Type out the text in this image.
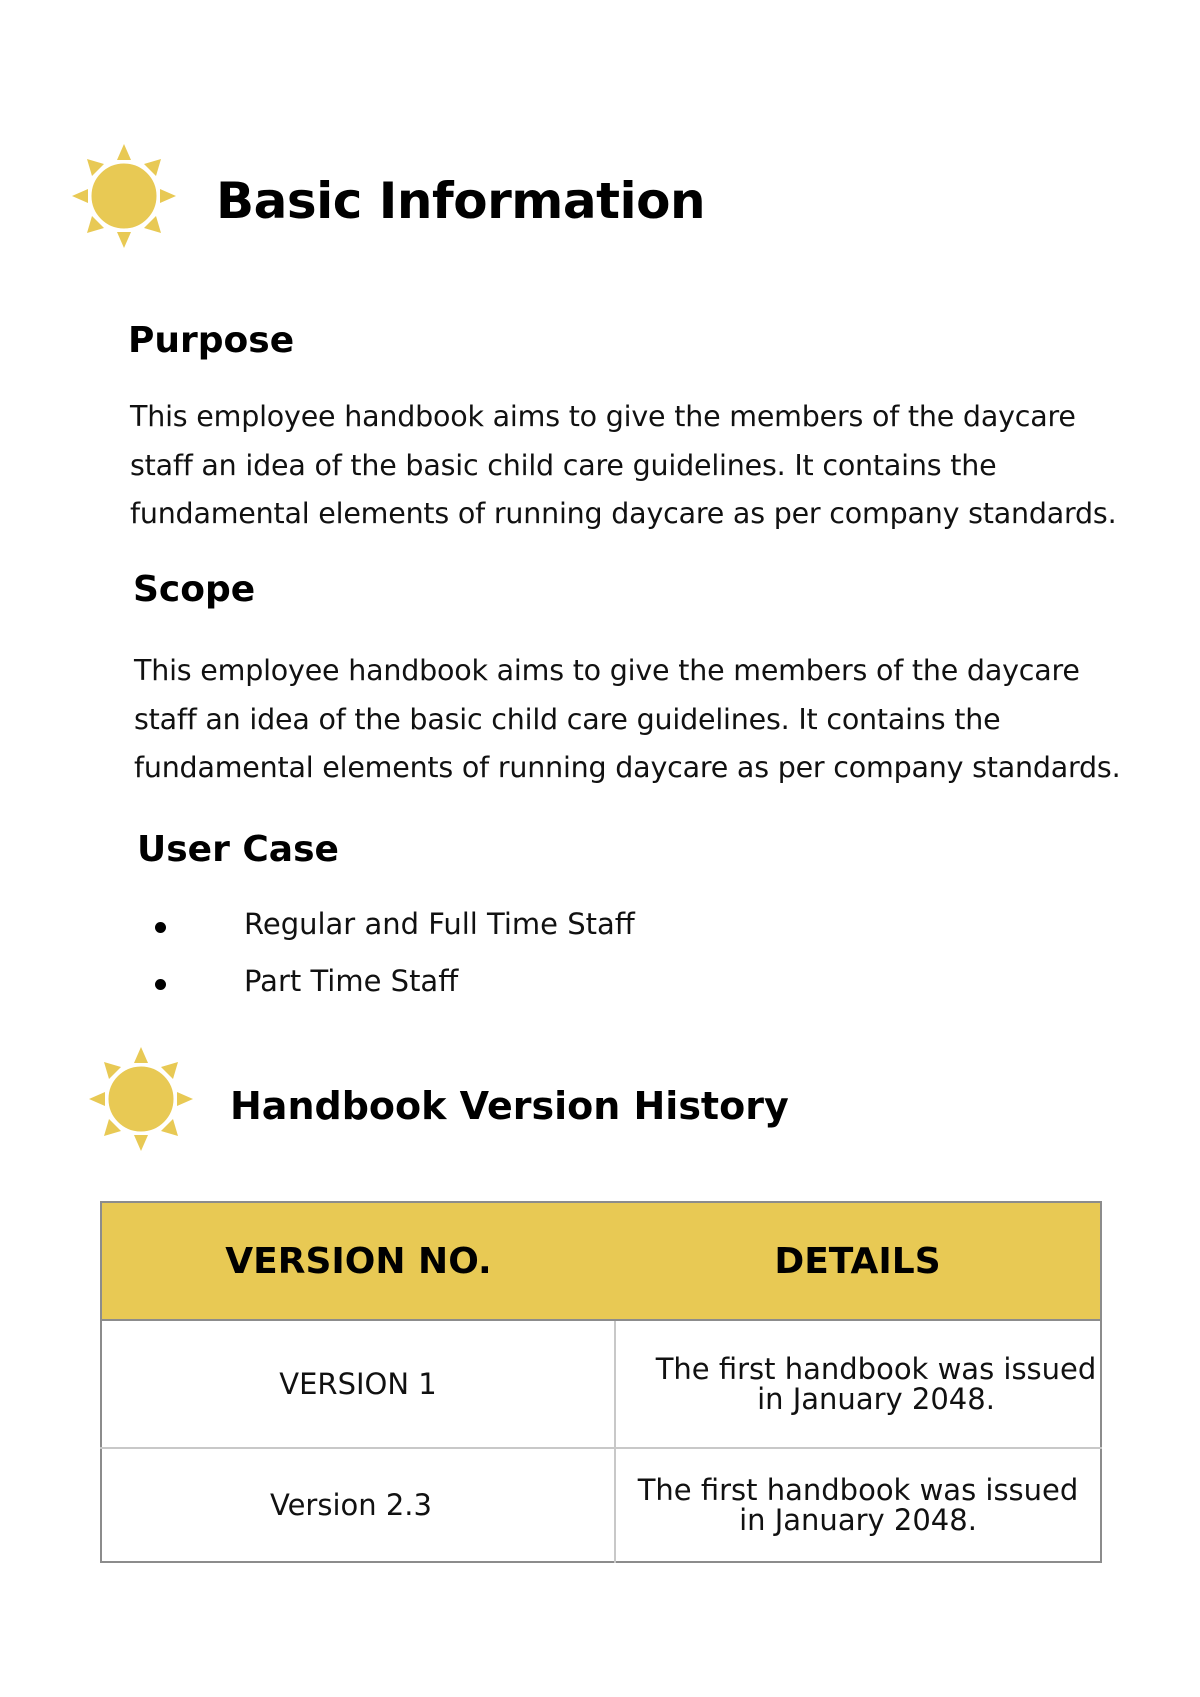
Basic Information
Purpose
This employee handbook aims to give the members of the daycare
staff an idea of the basic child care guidelines. It contains the
fundamental elements of running daycare as per company standards.
Scope
This employee handbook aims to give the members of the daycare
staff an idea of the basic child care guidelines. It contains the
fundamental elements of running daycare as per company standards.
User Case
Regular and Full Time Staff
Part Time Staff
Handbook Version History
VERSION NO.	DETAILS
VERSION 1	The first handbook was issued
in January 2048.

Version 2.3	The first handbook was issued
in January 2048.
